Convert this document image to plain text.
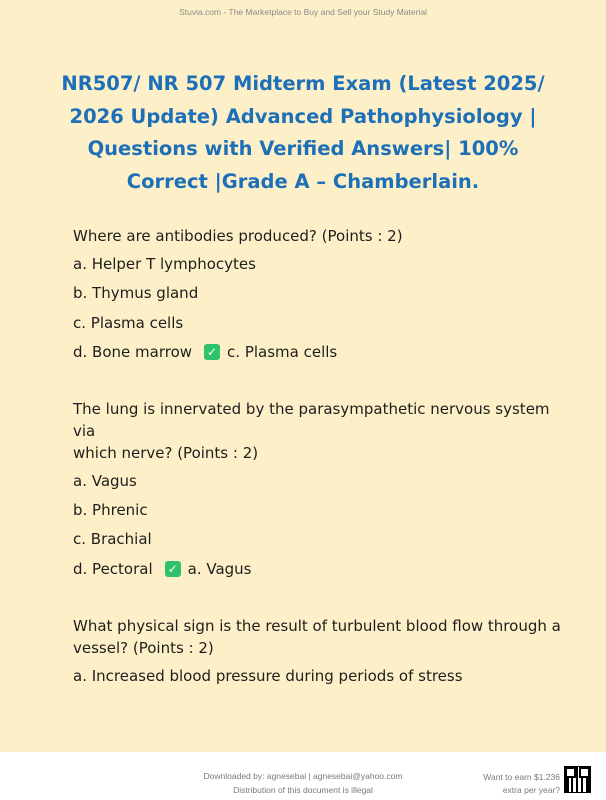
Stuvia.com - The Marketplace to Buy and Sell your Study Material
NR507/ NR 507 Midterm Exam (Latest 2025/
2026 Update) Advanced Pathophysiology |
Questions with Verified Answers| 100%
Correct |Grade A – Chamberlain.
Where are antibodies produced? (Points : 2)
a. Helper T lymphocytes
b. Thymus gland
c. Plasma cells
d. Bone marrow ✓ c. Plasma cells
The lung is innervated by the parasympathetic nervous system via
which nerve? (Points : 2)
a. Vagus
b. Phrenic
c. Brachial
d. Pectoral ✓ a. Vagus
What physical sign is the result of turbulent blood flow through a
vessel? (Points : 2)
a. Increased blood pressure during periods of stress
Downloaded by: agnesebai | agnesebai@yahoo.com
Distribution of this document is illegal
Want to earn $1.236
extra per year?
